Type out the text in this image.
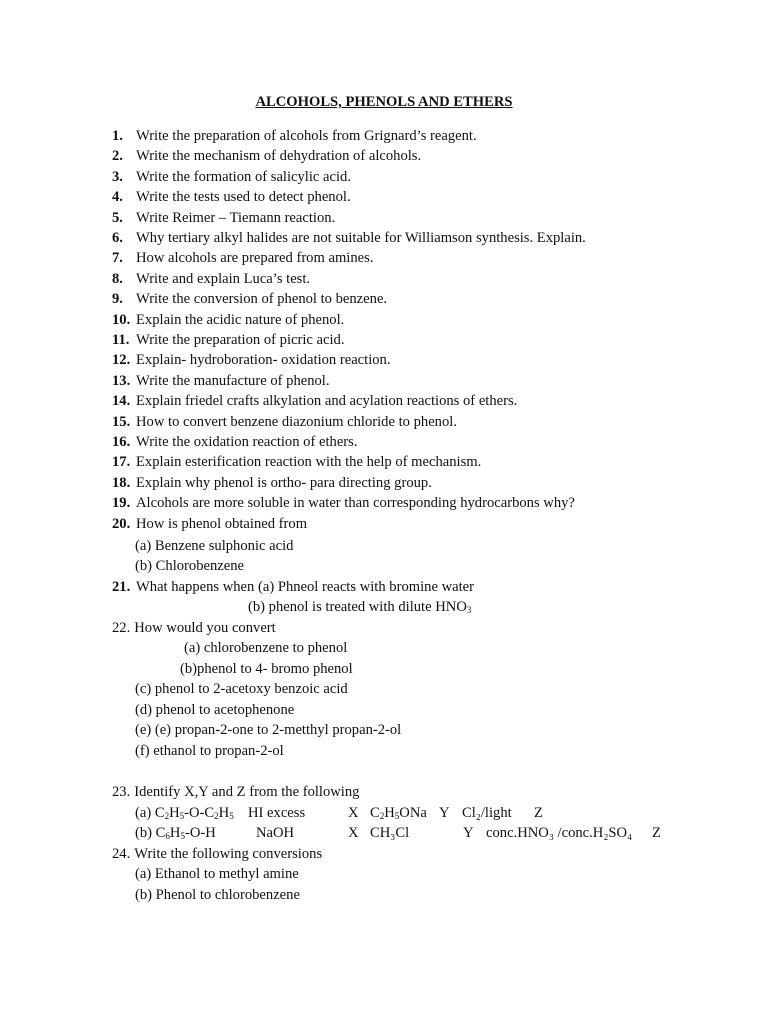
ALCOHOLS, PHENOLS AND ETHERS
1. Write the preparation of alcohols from Grignard’s reagent.
2. Write the mechanism of dehydration of alcohols.
3. Write the formation of salicylic acid.
4. Write the tests used to detect phenol.
5. Write Reimer – Tiemann reaction.
6. Why tertiary alkyl halides are not suitable for Williamson synthesis. Explain.
7. How alcohols are prepared from amines.
8. Write and explain Luca’s test.
9. Write the conversion of phenol to benzene.
10. Explain the acidic nature of phenol.
11. Write the preparation of picric acid.
12. Explain- hydroboration- oxidation reaction.
13. Write the manufacture of phenol.
14. Explain friedel crafts alkylation and acylation reactions of ethers.
15. How to convert benzene diazonium chloride to phenol.
16. Write the oxidation reaction of ethers.
17. Explain esterification reaction with the help of mechanism.
18. Explain why phenol is ortho- para directing group.
19. Alcohols are more soluble in water than corresponding hydrocarbons why?
20. How is phenol obtained from
(a) Benzene sulphonic acid
(b) Chlorobenzene
21. What happens when (a) Phneol reacts with bromine water
(b) phenol is treated with dilute $HNO_3$
22. How would you convert
(a) chlorobenzene to phenol
(b)phenol to 4- bromo phenol
(c) phenol to 2-acetoxy benzoic acid
(d) phenol to acetophenone
(e) (e) propan-2-one to 2-metthyl propan-2-ol
(f) ethanol to propan-2-ol
23. Identify X,Y and Z from the following
(a) $C_2H_5-O-C_2H_5$ HI excess	X $C_2H_5ONa$ Y Cl₂/light Z
(b) $C_6H_5-O-H$	NaOH	X CH₃Cl	Y conc.HNO₃ /conc.H₂SO₄ Z
24. Write the following conversions
(a) Ethanol to methyl amine
(b) Phenol to chlorobenzene
